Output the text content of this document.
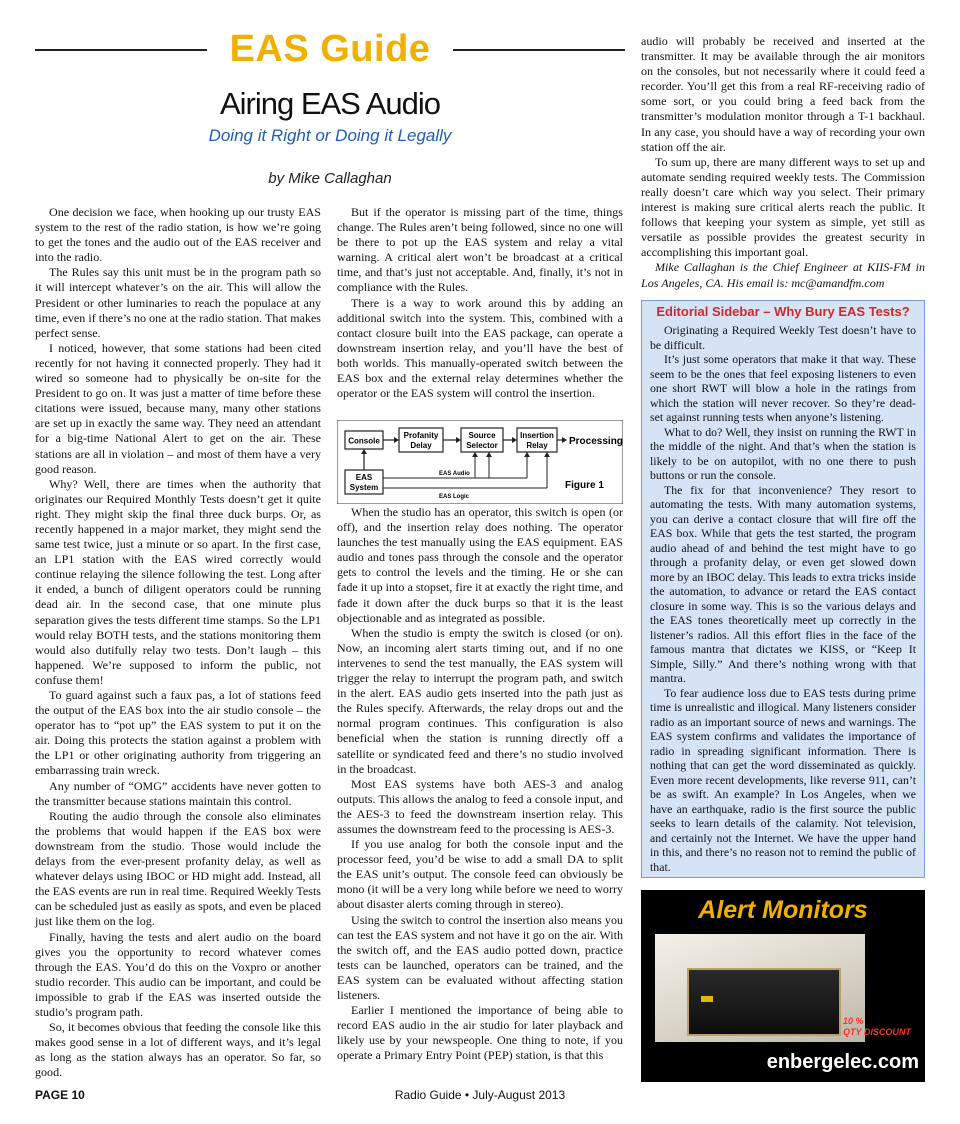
EAS Guide
Airing EAS Audio
Doing it Right or Doing it Legally
by Mike Callaghan

One decision we face, when hooking up our trusty EAS system to the rest of the radio station, is how we’re going to get the tones and the audio out of the EAS receiver and into the radio.

The Rules say this unit must be in the program path so it will intercept whatever’s on the air. This will allow the President or other luminaries to reach the populace at any time, even if there’s no one at the radio station. That makes perfect sense.

I noticed, however, that some stations had been cited recently for not having it connected properly. They had it wired so someone had to physically be on-site for the President to go on. It was just a matter of time before these citations were issued, because many, many other stations are set up in exactly the same way. They need an attendant for a big-time National Alert to get on the air. These stations are all in violation – and most of them have a very good reason.

Why? Well, there are times when the authority that originates our Required Monthly Tests doesn’t get it quite right. They might skip the final three duck burps. Or, as recently happened in a major market, they might send the same test twice, just a minute or so apart. In the first case, an LP1 station with the EAS wired correctly would continue relaying the silence following the test. Long after it ended, a bunch of diligent operators could be running dead air. In the second case, that one minute plus separation gives the tests different time stamps. So the LP1 would relay BOTH tests, and the stations monitoring them would also dutifully relay two tests. Don’t laugh – this happened. We’re supposed to inform the public, not confuse them!

To guard against such a faux pas, a lot of stations feed the output of the EAS box into the air studio console – the operator has to “pot up” the EAS system to put it on the air. Doing this protects the station against a problem with the LP1 or other originating authority from triggering an embarrassing train wreck.

Any number of “OMG” accidents have never gotten to the transmitter because stations maintain this control.

Routing the audio through the console also eliminates the problems that would happen if the EAS box were downstream from the studio. Those would include the delays from the ever-present profanity delay, as well as whatever delays using IBOC or HD might add. Instead, all the EAS events are run in real time. Required Weekly Tests can be scheduled just as easily as spots, and even be placed just like them on the log.

Finally, having the tests and alert audio on the board gives you the opportunity to record whatever comes through the EAS. You’d do this on the Voxpro or another studio recorder. This audio can be important, and could be impossible to grab if the EAS was inserted outside the studio’s program path.

So, it becomes obvious that feeding the console like this makes good sense in a lot of different ways, and it’s legal as long as the station always has an operator. So far, so good.

But if the operator is missing part of the time, things change. The Rules aren’t being followed, since no one will be there to pot up the EAS system and relay a vital warning. A critical alert won’t be broadcast at a critical time, and that’s just not acceptable. And, finally, it’s not in compliance with the Rules.

There is a way to work around this by adding an additional switch into the system. This, combined with a contact closure built into the EAS package, can operate a downstream insertion relay, and you’ll have the best of both worlds. This manually-operated switch between the EAS box and the external relay determines whether the operator or the EAS system will control the insertion.

Console
Profanity
Delay
Source
Selector
Insertion
Relay Processing
EAS
System
EAS Audio
EAS Logic
Figure 1

When the studio has an operator, this switch is open (or off), and the insertion relay does nothing. The operator launches the test manually using the EAS equipment. EAS audio and tones pass through the console and the operator gets to control the levels and the timing. He or she can fade it up into a stopset, fire it at exactly the right time, and fade it down after the duck burps so that it is the least objectionable and as integrated as possible.

When the studio is empty the switch is closed (or on). Now, an incoming alert starts timing out, and if no one intervenes to send the test manually, the EAS system will trigger the relay to interrupt the program path, and switch in the alert. EAS audio gets inserted into the path just as the Rules specify. Afterwards, the relay drops out and the normal program continues. This configuration is also beneficial when the station is running directly off a satellite or syndicated feed and there’s no studio involved in the broadcast.

Most EAS systems have both AES-3 and analog outputs. This allows the analog to feed a console input, and the AES-3 to feed the downstream insertion relay. This assumes the downstream feed to the processing is AES-3.

If you use analog for both the console input and the processor feed, you’d be wise to add a small DA to split the EAS unit’s output. The console feed can obviously be mono (it will be a very long while before we need to worry about disaster alerts coming through in stereo).

Using the switch to control the insertion also means you can test the EAS system and not have it go on the air. With the switch off, and the EAS audio potted down, practice tests can be launched, operators can be trained, and the EAS system can be evaluated without affecting station listeners.

Earlier I mentioned the importance of being able to record EAS audio in the air studio for later playback and likely use by your newspeople. One thing to note, if you operate a Primary Entry Point (PEP) station, is that this

audio will probably be received and inserted at the transmitter. It may be available through the air monitors on the consoles, but not necessarily where it could feed a recorder. You’ll get this from a real RF-receiving radio of some sort, or you could bring a feed back from the transmitter’s modulation monitor through a T-1 backhaul. In any case, you should have a way of recording your own station off the air.

To sum up, there are many different ways to set up and automate sending required weekly tests. The Commission really doesn’t care which way you select. Their primary interest is making sure critical alerts reach the public. It follows that keeping your system as simple, yet still as versatile as possible provides the greatest security in accomplishing this important goal.

Mike Callaghan is the Chief Engineer at KIIS-FM in Los Angeles, CA. His email is: mc@amandfm.com

Editorial Sidebar – Why Bury EAS Tests?

Originating a Required Weekly Test doesn’t have to be difficult.

It’s just some operators that make it that way. These seem to be the ones that feel exposing listeners to even one short RWT will blow a hole in the ratings from which the station will never recover. So they’re dead-set against running tests when anyone’s listening.

What to do? Well, they insist on running the RWT in the middle of the night. And that’s when the station is likely to be on autopilot, with no one there to push buttons or run the console.

The fix for that inconvenience? They resort to automating the tests. With many automation systems, you can derive a contact closure that will fire off the EAS box. While that gets the test started, the program audio ahead of and behind the test might have to go through a profanity delay, or even get slowed down more by an IBOC delay. This leads to extra tricks inside the automation, to advance or retard the EAS contact closure in some way. This is so the various delays and the EAS tones theoretically meet up correctly in the listener’s radios. All this effort flies in the face of the famous mantra that dictates we KISS, or “Keep It Simple, Silly.” And there’s nothing wrong with that mantra.

To fear audience loss due to EAS tests during prime time is unrealistic and illogical. Many listeners consider radio as an important source of news and warnings. The EAS system confirms and validates the importance of radio in spreading significant information. There is nothing that can get the word disseminated as quickly. Even more recent developments, like reverse 911, can’t be as swift. An example? In Los Angeles, when we have an earthquake, radio is the first source the public seeks to learn details of the calamity. Not television, and certainly not the Internet. We have the upper hand in this, and there’s no reason not to remind the public of that.

Alert Monitors
10 %
QTY DISCOUNT
enbergelec.com
PAGE 10	Radio Guide • July-August 2013
